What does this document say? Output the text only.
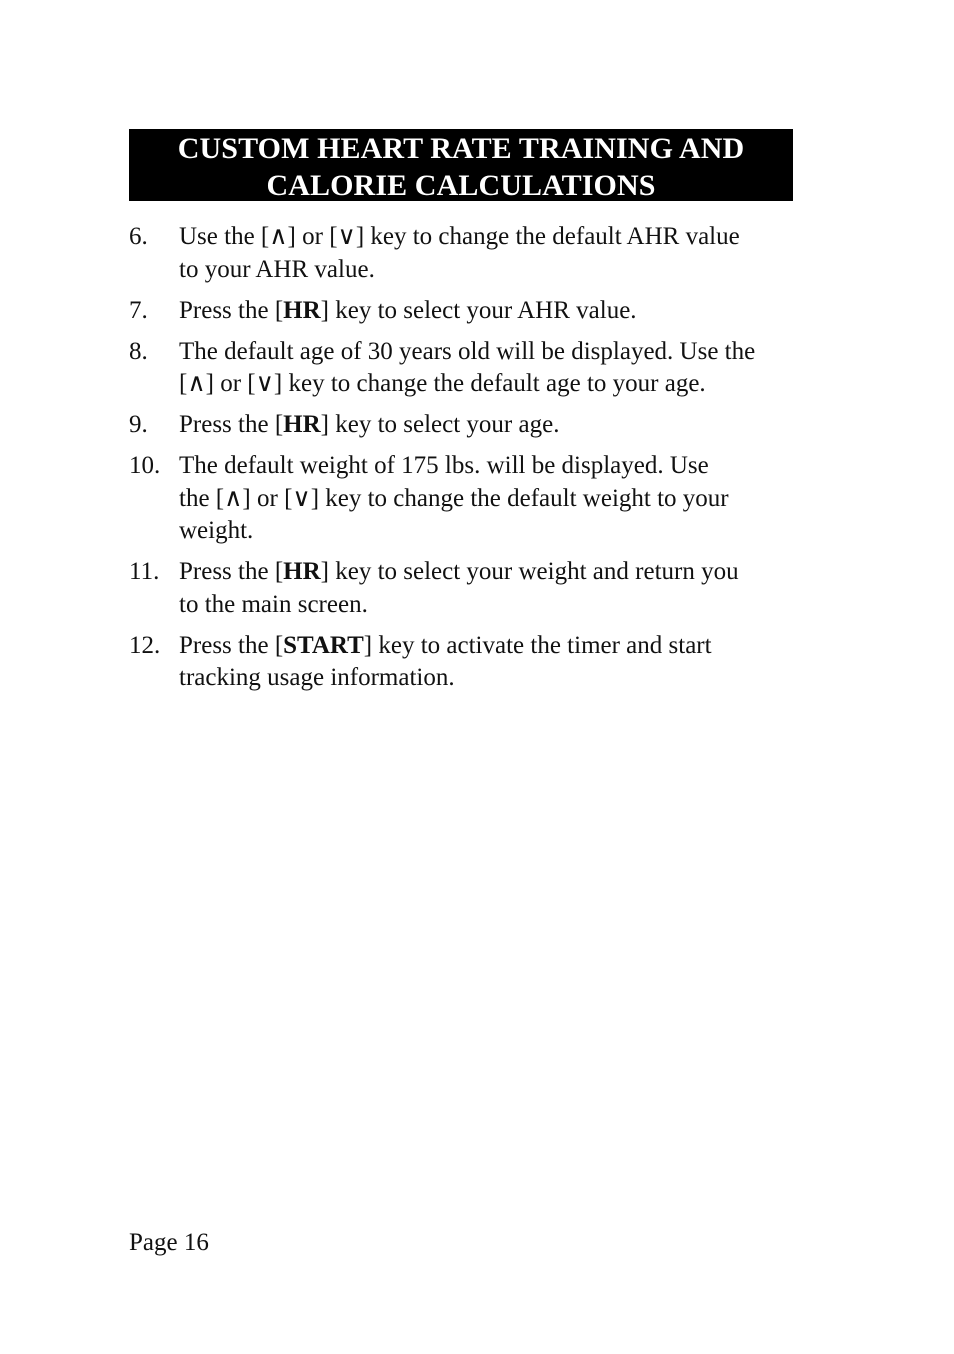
CUSTOM HEART RATE TRAINING AND
CALORIE CALCULATIONS
6. Use the [∧] or [∨] key to change the default AHR value
to your AHR value.
7. Press the [HR] key to select your AHR value.
8. The default age of 30 years old will be displayed. Use the
[∧] or [∨] key to change the default age to your age.
9. Press the [HR] key to select your age.
10. The default weight of 175 lbs. will be displayed. Use
the [∧] or [∨] key to change the default weight to your
weight.
11. Press the [HR] key to select your weight and return you
to the main screen.
12. Press the [START] key to activate the timer and start
tracking usage information.
Page 16
